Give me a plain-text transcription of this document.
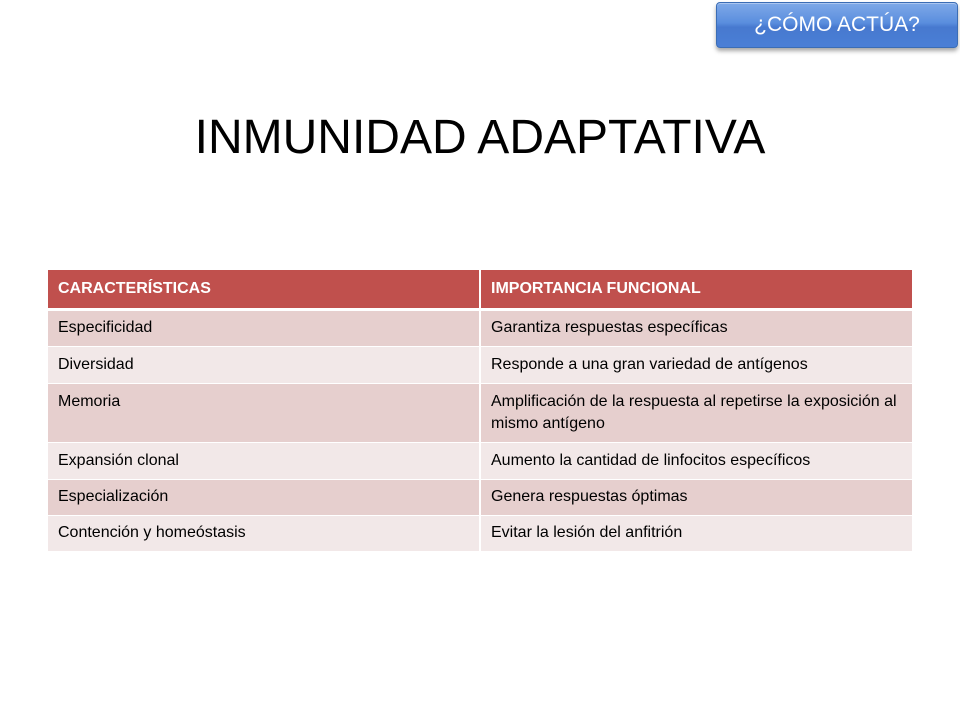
¿CÓMO ACTÚA?
INMUNIDAD ADAPTATIVA
CARACTERÍSTICAS	IMPORTANCIA FUNCIONAL
Especificidad	Garantiza respuestas específicas
Diversidad	Responde a una gran variedad de antígenos
Memoria	Amplificación de la respuesta al repetirse la exposición al mismo antígeno
Expansión clonal	Aumento la cantidad de linfocitos específicos
Especialización	Genera respuestas óptimas
Contención y homeóstasis	Evitar la lesión del anfitrión
